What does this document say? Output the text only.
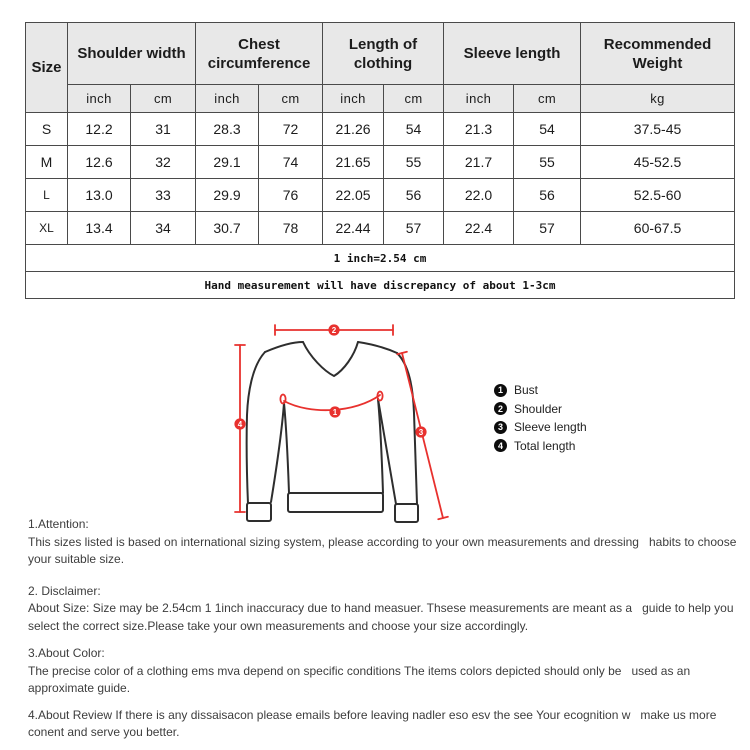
Size	Shoulder width		Chest circumference		Length of clothing		Sleeve length		Recommended Weight
	inch	cm	inch	cm	inch	cm	inch	cm	kg
S	12.2	31	28.3	72	21.26	54	21.3	54	37.5-45
M	12.6	32	29.1	74	21.65	55	21.7	55	45-52.5
L	13.0	33	29.9	76	22.05	56	22.0	56	52.5-60
XL	13.4	34	30.7	78	22.44	57	22.4	57	60-67.5
1 inch=2.54 cm									
Hand measurement will have discrepancy of about 1-3cm									
1
2
3
4
1 Bust
2 Shoulder
3 Sleeve length
4 Total length
1.Attention:
This sizes listed is based on international sizing system, please according to your own measurements and dressing   habits to choose
your suitable size.
2. Disclaimer:
About Size: Size may be 2.54cm 1 1inch inaccuracy due to hand measuer. Thsese measurements are meant as a   guide to help you
select the correct size.Please take your own measurements and choose your size accordingly.
3.About Color:
The precise color of a clothing ems mva depend on specific conditions The items colors depicted should only be   used as an
approximate guide.
4.About Review If there is any dissaisacon please emails before leaving nadler eso esv the see Your ecognition w   make us more
conent and serve you better.
